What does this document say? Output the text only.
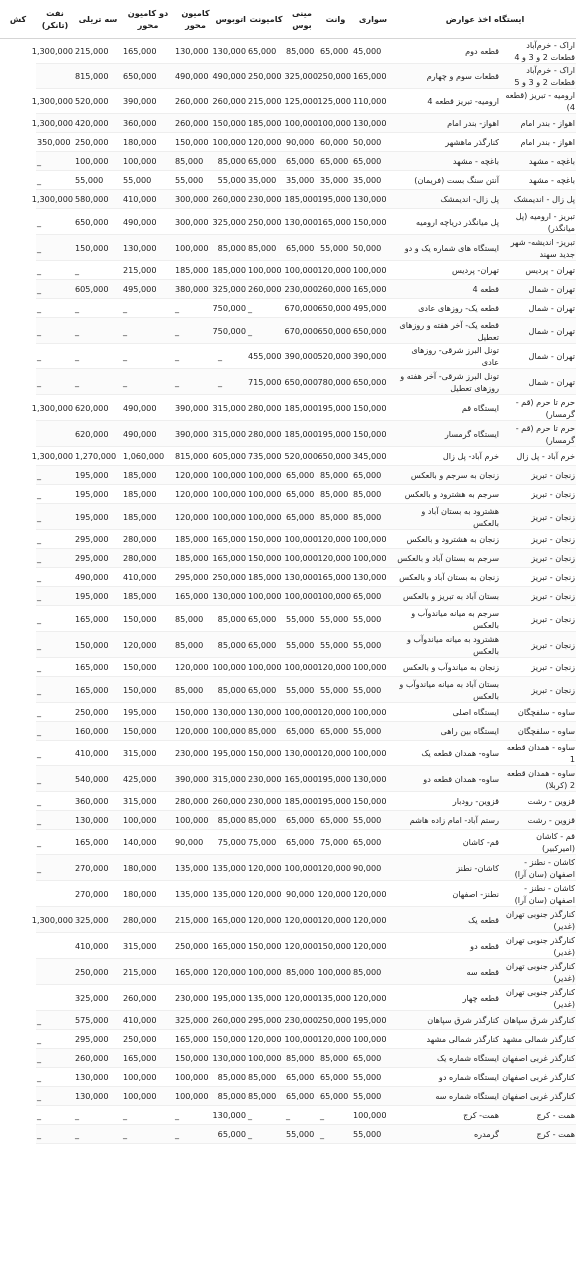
ایستگاه اخذ عوارض		سواری	وانت	مینی بوس	کامیونت	اتوبوس	کامیون محور	دو کامیون محور	سه تریلی	نفت (تانکر)	کش
اراک - خرم‌آباد قطعات 2 و 3 و 4	قطعه دوم	45,000	65,000	85,000	65,000	130,000	130,000	165,000	215,000	1,300,000	
اراک - خرم‌آباد قطعات 2 و 3 و 5	قطعات سوم و چهارم	165,000	250,000	325,000	250,000	490,000	490,000	650,000	815,000		
ارومیه - تبریز (قطعه 4)	ارومیه- تبریز قطعه 4	110,000	125,000	125,000	215,000	260,000	260,000	390,000	520,000	1,300,000	
اهواز - بندر امام	اهواز- بندر امام	130,000	100,000	100,000	185,000	150,000	260,000	360,000	420,000	1,300,000	
اهواز - بندر امام	کنارگذر ماهشهر	50,000	60,000	90,000	120,000	100,000	150,000	180,000	250,000	350,000	
باغچه - مشهد	باغچه - مشهد	65,000	65,000	65,000	65,000	85,000	85,000	100,000	100,000	_	
باغچه - مشهد	آنتن سنگ بست (فریمان)	35,000	35,000	35,000	35,000	55,000	55,000	55,000	55,000	_	
پل زال - اندیمشک	پل زال- اندیمشک	130,000	195,000	185,000	230,000	260,000	300,000	410,000	580,000	1,300,000	
تبریز - ارومیه (پل میانگذر)	پل میانگذر دریاچه ارومیه	150,000	165,000	130,000	250,000	325,000	300,000	490,000	650,000	_	
تبریز- اندیشه- شهر جدید سهند	ایستگاه های شماره یک و دو	50,000	55,000	65,000	85,000	85,000	100,000	130,000	150,000	_	
تهران - پردیس	تهران- پردیس	100,000	120,000	100,000	100,000	185,000	185,000	215,000	_	_	
تهران - شمال	قطعه 4	165,000	260,000	230,000	260,000	325,000	380,000	495,000	605,000	_	
تهران - شمال	قطعه یک- روزهای عادی	495,000	650,000	670,000	_	750,000	_	_	_	_	
تهران - شمال	قطعه یک- آخر هفته و روزهای تعطیل	650,000	650,000	670,000	_	750,000	_	_	_	_	
تهران - شمال	تونل البرز شرقی- روزهای عادی	390,000	520,000	390,000	455,000	_	_	_	_	_	
تهران - شمال	تونل البرز شرقی- آخر هفته و روزهای تعطیل	650,000	780,000	650,000	715,000	_	_	_	_	_	
حرم تا حرم (قم - گرمسار)	ایستگاه قم	150,000	195,000	185,000	280,000	315,000	390,000	490,000	620,000	1,300,000	
حرم تا حرم (قم - گرمسار)	ایستگاه گرمسار	150,000	195,000	185,000	280,000	315,000	390,000	490,000	620,000		
خرم آباد - پل زال	خرم آباد- پل زال	345,000	650,000	520,000	735,000	605,000	815,000	1,060,000	1,270,000	1,300,000	
زنجان - تبریز	زنجان به سرجم و بالعکس	65,000	85,000	65,000	100,000	100,000	120,000	185,000	195,000	_	
زنجان - تبریز	سرجم به هشترود و بالعکس	85,000	85,000	65,000	100,000	100,000	120,000	185,000	195,000	_	
زنجان - تبریز	هشترود به بستان آباد و بالعکس	85,000	85,000	65,000	100,000	100,000	120,000	185,000	195,000	_	
زنجان - تبریز	زنجان به هشترود و بالعکس	100,000	120,000	100,000	150,000	165,000	185,000	280,000	295,000	_	
زنجان - تبریز	سرجم به بستان آباد و بالعکس	100,000	120,000	100,000	150,000	165,000	185,000	280,000	295,000	_	
زنجان - تبریز	زنجان به بستان آباد و بالعکس	130,000	165,000	130,000	185,000	250,000	295,000	410,000	490,000	_	
زنجان - تبریز	بستان آباد به تبریز و بالعکس	65,000	100,000	100,000	100,000	130,000	165,000	185,000	195,000	_	
زنجان - تبریز	سرجم به میانه میاندوآب و بالعکس	55,000	55,000	55,000	65,000	85,000	85,000	150,000	165,000	_	
زنجان - تبریز	هشترود به میانه میاندوآب و بالعکس	55,000	55,000	55,000	65,000	85,000	85,000	120,000	150,000	_	
زنجان - تبریز	زنجان به میاندوآب و بالعکس	100,000	120,000	100,000	100,000	100,000	120,000	150,000	165,000	_	
زنجان - تبریز	بستان آباد به میانه میاندوآب و بالعکس	55,000	55,000	55,000	65,000	85,000	85,000	150,000	165,000	_	
ساوه - سلفچگان	ایستگاه اصلی	100,000	120,000	100,000	130,000	130,000	150,000	195,000	250,000	_	
ساوه - سلفچگان	ایستگاه بین راهی	55,000	65,000	65,000	85,000	100,000	120,000	150,000	160,000	_	
ساوه - همدان قطعه 1	ساوه- همدان قطعه یک	100,000	120,000	130,000	150,000	195,000	230,000	315,000	410,000	_	
ساوه - همدان قطعه 2 (کربلا)	ساوه- همدان قطعه دو	130,000	195,000	165,000	230,000	315,000	390,000	425,000	540,000	_	
قزوین - رشت	قزوین- رودبار	150,000	195,000	185,000	230,000	260,000	280,000	315,000	360,000	_	
قزوین - رشت	رستم آباد- امام زاده هاشم	55,000	65,000	65,000	85,000	85,000	100,000	100,000	130,000	_	
قم - کاشان (امیرکبیر)	قم- کاشان	65,000	75,000	65,000	75,000	75,000	90,000	140,000	165,000	_	
کاشان - نطنز - اصفهان (سان آرا)	کاشان- نطنز	90,000	120,000	100,000	120,000	135,000	135,000	180,000	270,000	_	
کاشان - نطنز - اصفهان (سان آرا)	نطنز- اصفهان	120,000	120,000	90,000	120,000	135,000	135,000	180,000	270,000		
کنارگذر جنوبی تهران (غدیر)	قطعه یک	120,000	120,000	120,000	120,000	165,000	215,000	280,000	325,000	1,300,000	
کنارگذر جنوبی تهران (غدیر)	قطعه دو	120,000	150,000	120,000	150,000	165,000	250,000	315,000	410,000		
کنارگذر جنوبی تهران (غدیر)	قطعه سه	85,000	100,000	85,000	100,000	120,000	165,000	215,000	250,000		
کنارگذر جنوبی تهران (غدیر)	قطعه چهار	120,000	135,000	120,000	135,000	195,000	230,000	260,000	325,000		
کنارگذر شرق سپاهان	کنارگذر شرق سپاهان	195,000	250,000	230,000	295,000	260,000	325,000	410,000	575,000	_	
کنارگذر شمالی مشهد	کنارگذر شمالی مشهد	100,000	120,000	100,000	120,000	150,000	165,000	250,000	295,000	_	
کنارگذر غربی اصفهان	ایستگاه شماره یک	65,000	85,000	85,000	100,000	130,000	150,000	165,000	260,000	_	
کنارگذر غربی اصفهان	ایستگاه شماره دو	55,000	65,000	65,000	85,000	85,000	100,000	100,000	130,000	_	
کنارگذر غربی اصفهان	ایستگاه شماره سه	55,000	65,000	65,000	85,000	85,000	100,000	100,000	130,000	_	
همت - کرج	همت- کرج	100,000	_	_	_	130,000	_	_	_	_	
همت - کرج	گرمدره	55,000	_	55,000	_	65,000	_	_	_	_	
